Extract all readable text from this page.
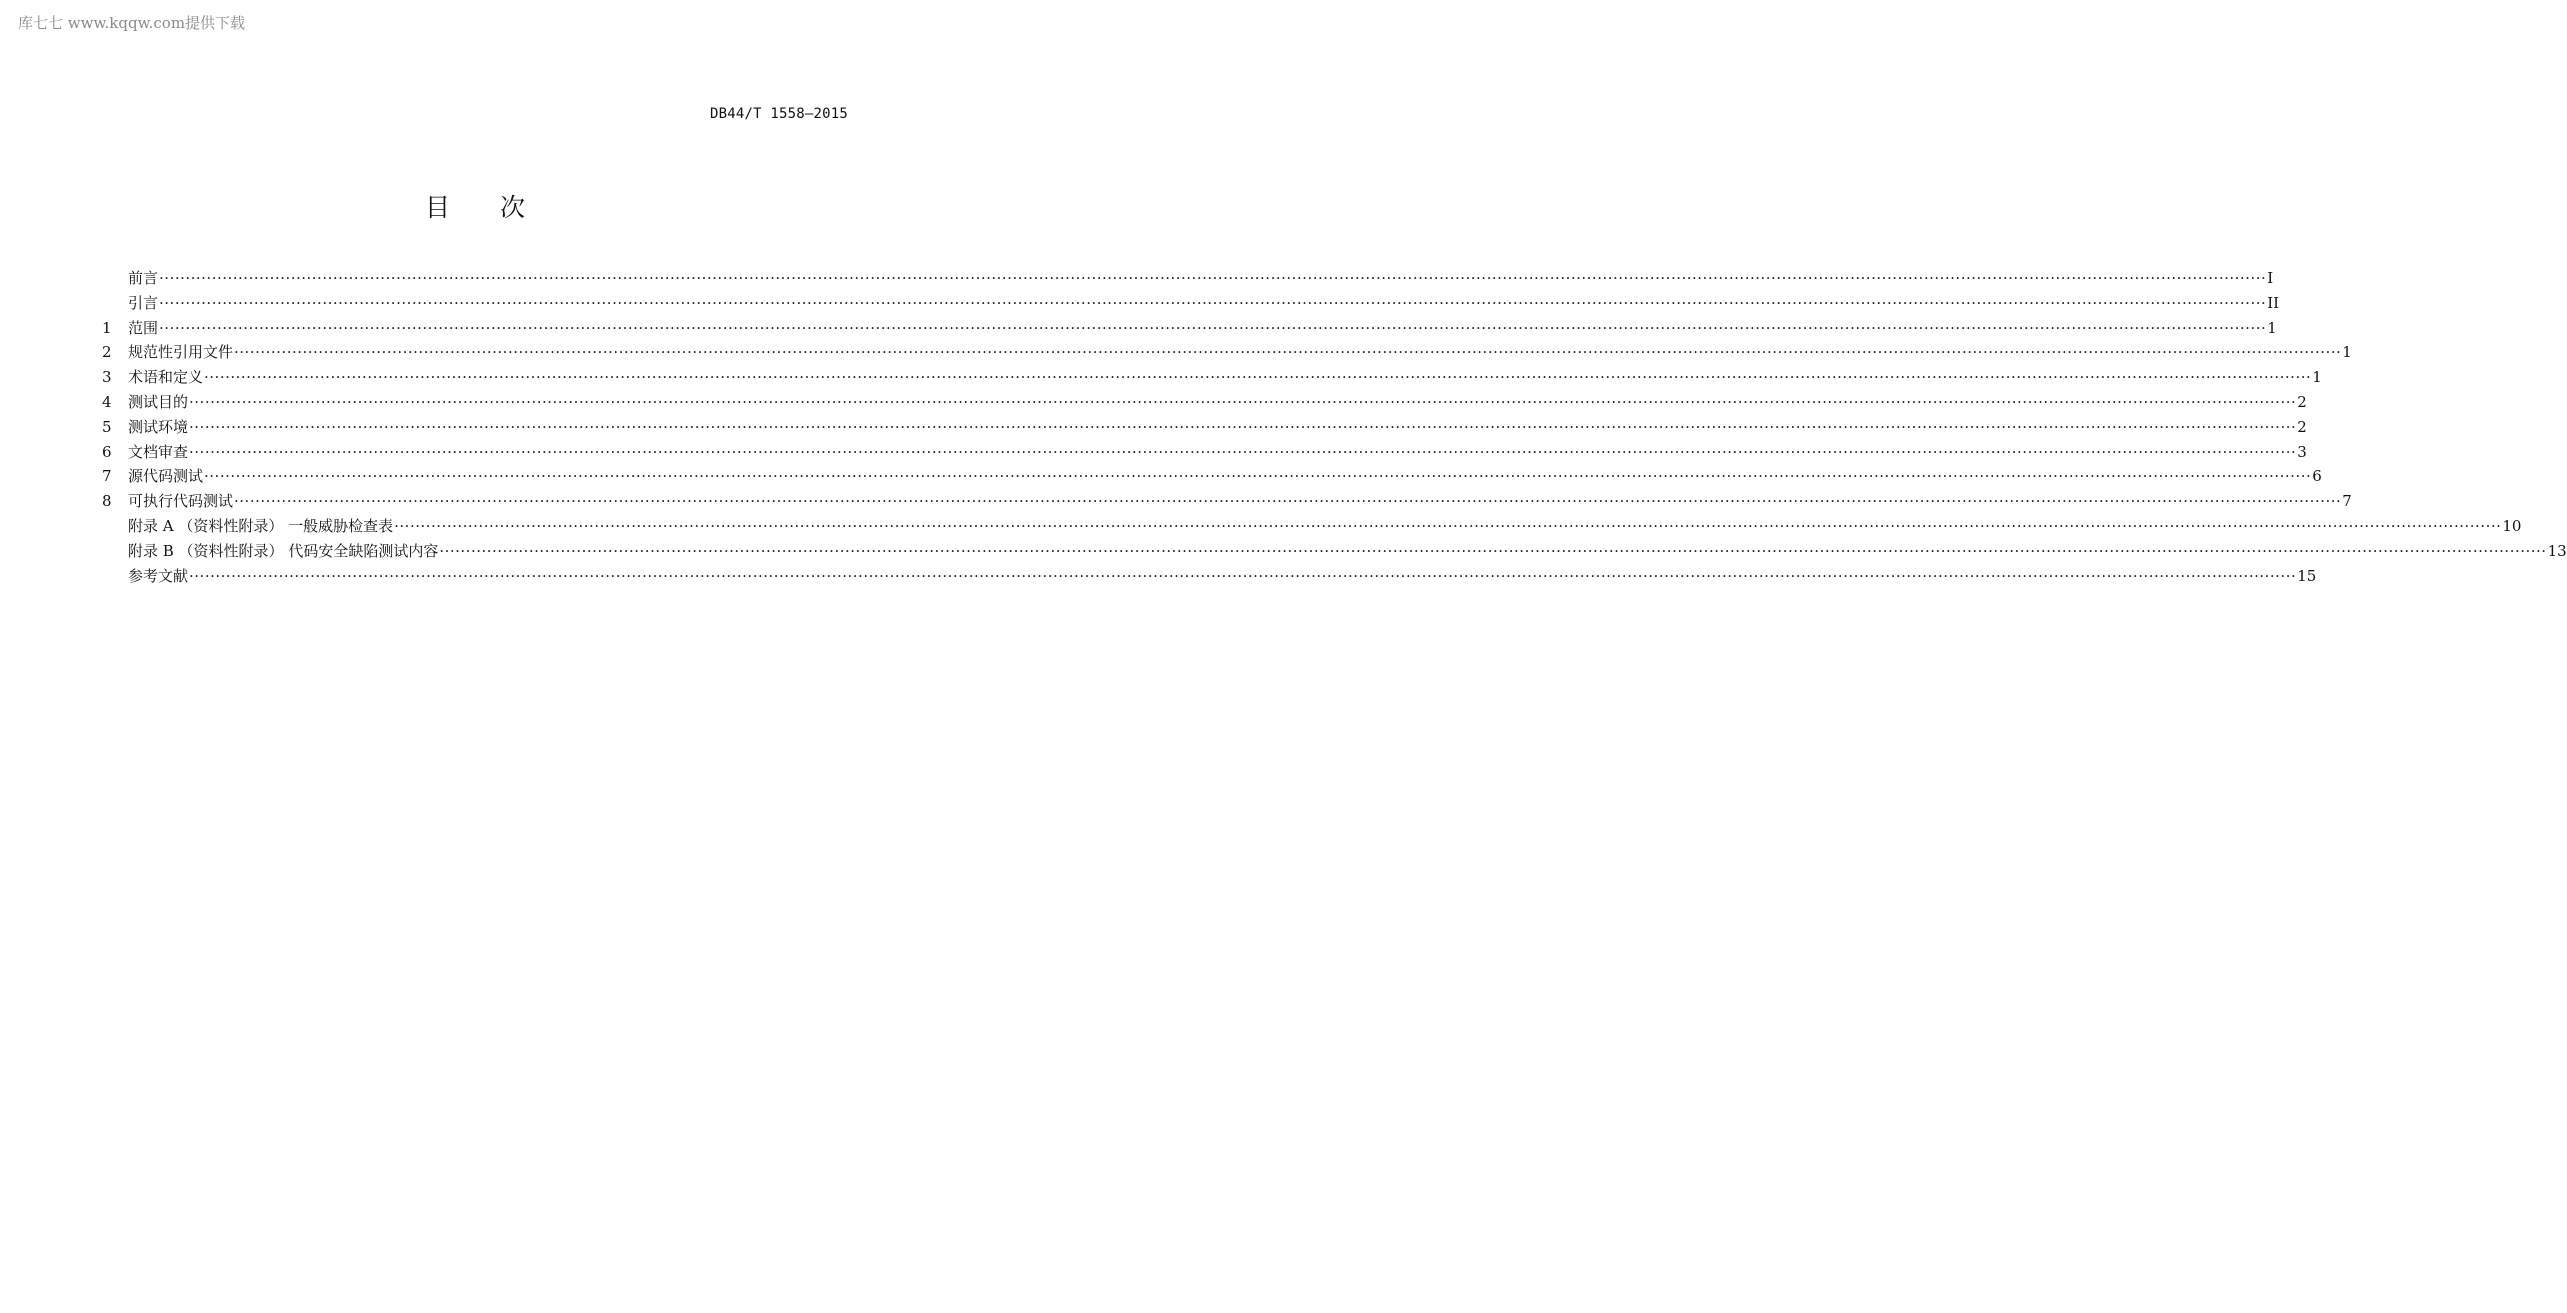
库七七 www.kqqw.com提供下载
DB44/T 1558—2015
目 次
前言 ················································································································································································································································································································································································································ I
引言 ················································································································································································································································································································································································································ II
1	范围 ················································································································································································································································································································································································································ 1
2	规范性引用文件 ················································································································································································································································································································································································································ 1
3	术语和定义 ················································································································································································································································································································································································································ 1
4	测试目的 ················································································································································································································································································································································································································ 2
5	测试环境 ················································································································································································································································································································································································································ 2
6	文档审查 ················································································································································································································································································································································································································ 3
7	源代码测试 ················································································································································································································································································································································································································ 6
8	可执行代码测试 ················································································································································································································································································································································································································ 7
附录 A （资料性附录） 一般威胁检查表 ················································································································································································································································································································································································································ 10
附录 B （资料性附录） 代码安全缺陷测试内容 ················································································································································································································································································································································································································ 13
参考文献 ················································································································································································································································································································································································································ 15
